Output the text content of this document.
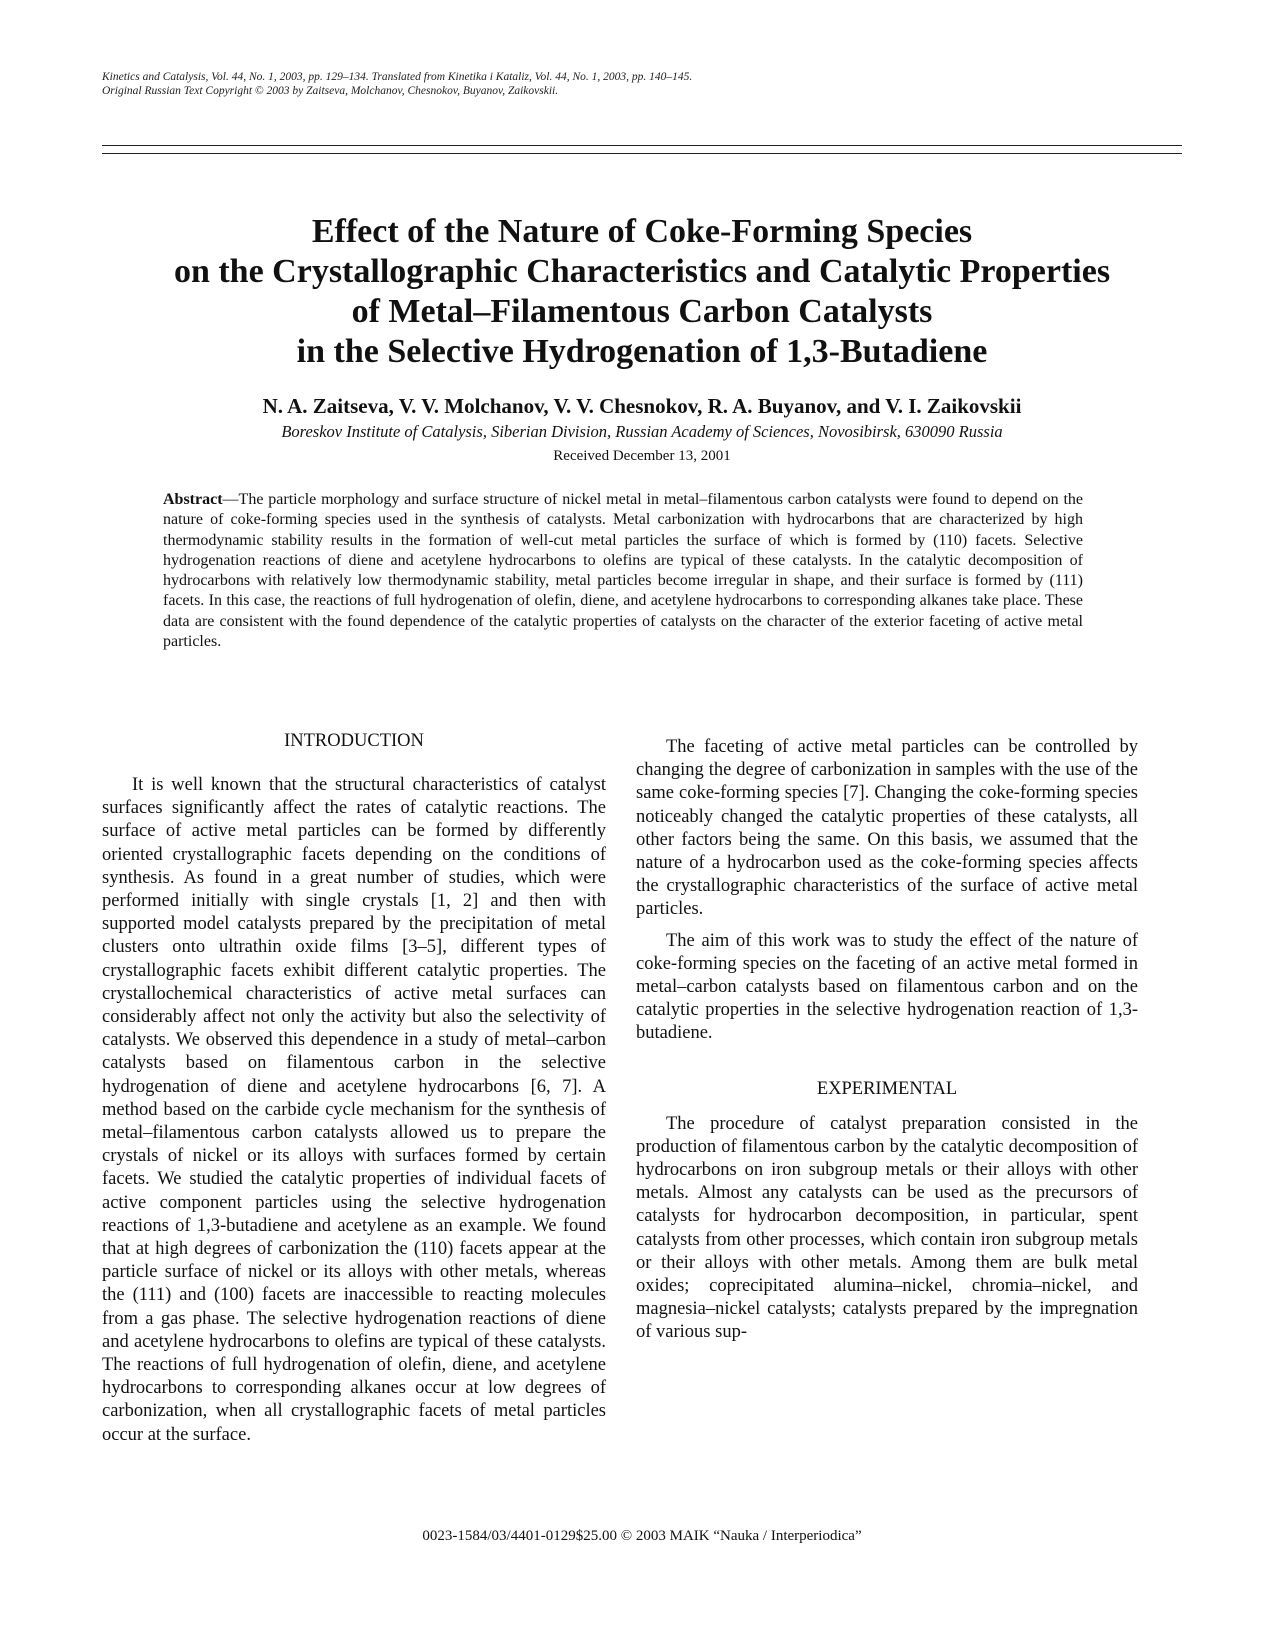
Kinetics and Catalysis, Vol. 44, No. 1, 2003, pp. 129–134. Translated from Kinetika i Kataliz, Vol. 44, No. 1, 2003, pp. 140–145.
Original Russian Text Copyright © 2003 by Zaitseva, Molchanov, Chesnokov, Buyanov, Zaikovskii.
Effect of the Nature of Coke-Forming Species
on the Crystallographic Characteristics and Catalytic Properties
of Metal–Filamentous Carbon Catalysts
in the Selective Hydrogenation of 1,3-Butadiene
N. A. Zaitseva, V. V. Molchanov, V. V. Chesnokov, R. A. Buyanov, and V. I. Zaikovskii
Boreskov Institute of Catalysis, Siberian Division, Russian Academy of Sciences, Novosibirsk, 630090 Russia
Received December 13, 2001
Abstract—The particle morphology and surface structure of nickel metal in metal–filamentous carbon catalysts were found to depend on the nature of coke-forming species used in the synthesis of catalysts. Metal carbonization with hydrocarbons that are characterized by high thermodynamic stability results in the formation of well-cut metal particles the surface of which is formed by (110) facets. Selective hydrogenation reactions of diene and acetylene hydrocarbons to olefins are typical of these catalysts. In the catalytic decomposition of hydrocarbons with relatively low thermodynamic stability, metal particles become irregular in shape, and their surface is formed by (111) facets. In this case, the reactions of full hydrogenation of olefin, diene, and acetylene hydrocarbons to corresponding alkanes take place. These data are consistent with the found dependence of the catalytic properties of catalysts on the character of the exterior faceting of active metal particles.
INTRODUCTION

It is well known that the structural characteristics of catalyst surfaces significantly affect the rates of catalytic reactions. The surface of active metal particles can be formed by differently oriented crystallographic facets depending on the conditions of synthesis. As found in a great number of studies, which were performed initially with single crystals [1, 2] and then with supported model catalysts prepared by the precipitation of metal clusters onto ultrathin oxide films [3–5], different types of crystallographic facets exhibit different catalytic properties. The crystallochemical characteristics of active metal surfaces can considerably affect not only the activity but also the selectivity of catalysts. We observed this dependence in a study of metal–carbon catalysts based on filamentous carbon in the selective hydrogenation of diene and acetylene hydrocarbons [6, 7]. A method based on the carbide cycle mechanism for the synthesis of metal–filamentous carbon catalysts allowed us to prepare the crystals of nickel or its alloys with surfaces formed by certain facets. We studied the catalytic properties of individual facets of active component particles using the selective hydrogenation reactions of 1,3-butadiene and acetylene as an example. We found that at high degrees of carbonization the (110) facets appear at the particle surface of nickel or its alloys with other metals, whereas the (111) and (100) facets are inaccessible to reacting molecules from a gas phase. The selective hydrogenation reactions of diene and acetylene hydrocarbons to olefins are typical of these catalysts. The reactions of full hydrogenation of olefin, diene, and acetylene hydrocarbons to corresponding alkanes occur at low degrees of carbonization, when all crystallographic facets of metal particles occur at the surface.

The faceting of active metal particles can be controlled by changing the degree of carbonization in samples with the use of the same coke-forming species [7]. Changing the coke-forming species noticeably changed the catalytic properties of these catalysts, all other factors being the same. On this basis, we assumed that the nature of a hydrocarbon used as the coke-forming species affects the crystallographic characteristics of the surface of active metal particles.

The aim of this work was to study the effect of the nature of coke-forming species on the faceting of an active metal formed in metal–carbon catalysts based on filamentous carbon and on the catalytic properties in the selective hydrogenation reaction of 1,3-butadiene.

EXPERIMENTAL

The procedure of catalyst preparation consisted in the production of filamentous carbon by the catalytic decomposition of hydrocarbons on iron subgroup metals or their alloys with other metals. Almost any catalysts can be used as the precursors of catalysts for hydrocarbon decomposition, in particular, spent catalysts from other processes, which contain iron subgroup metals or their alloys with other metals. Among them are bulk metal oxides; coprecipitated alumina–nickel, chromia–nickel, and magnesia–nickel catalysts; catalysts prepared by the impregnation of various sup-

0023-1584/03/4401-0129$25.00 © 2003 MAIK “Nauka / Interperiodica”
